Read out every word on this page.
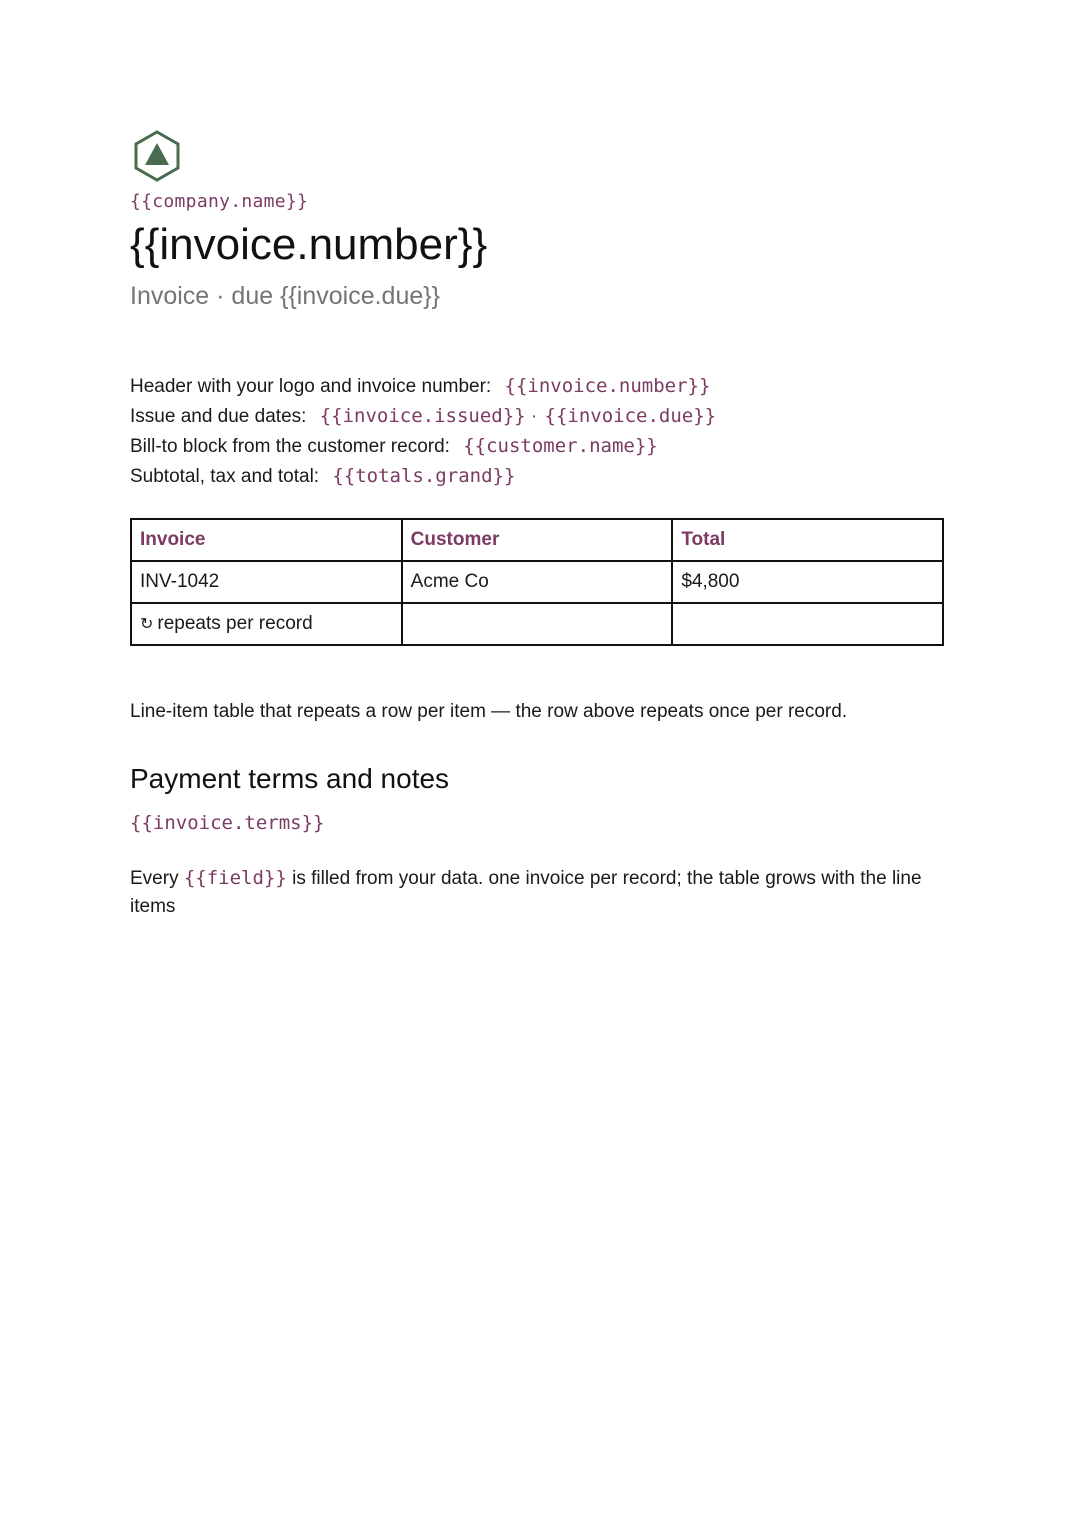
{{company.name}}
{{invoice.number}}
Invoice · due {{invoice.due}}
Header with your logo and invoice number: {{invoice.number}}
Issue and due dates: {{invoice.issued}} · {{invoice.due}}
Bill-to block from the customer record: {{customer.name}}
Subtotal, tax and total: {{totals.grand}}
Invoice	Customer	Total
INV-1042	Acme Co	$4,800
↻ repeats per record		
Line-item table that repeats a row per item — the row above repeats once per record.
Payment terms and notes
{{invoice.terms}}
Every {{field}} is filled from your data. one invoice per record; the table grows with the line items
